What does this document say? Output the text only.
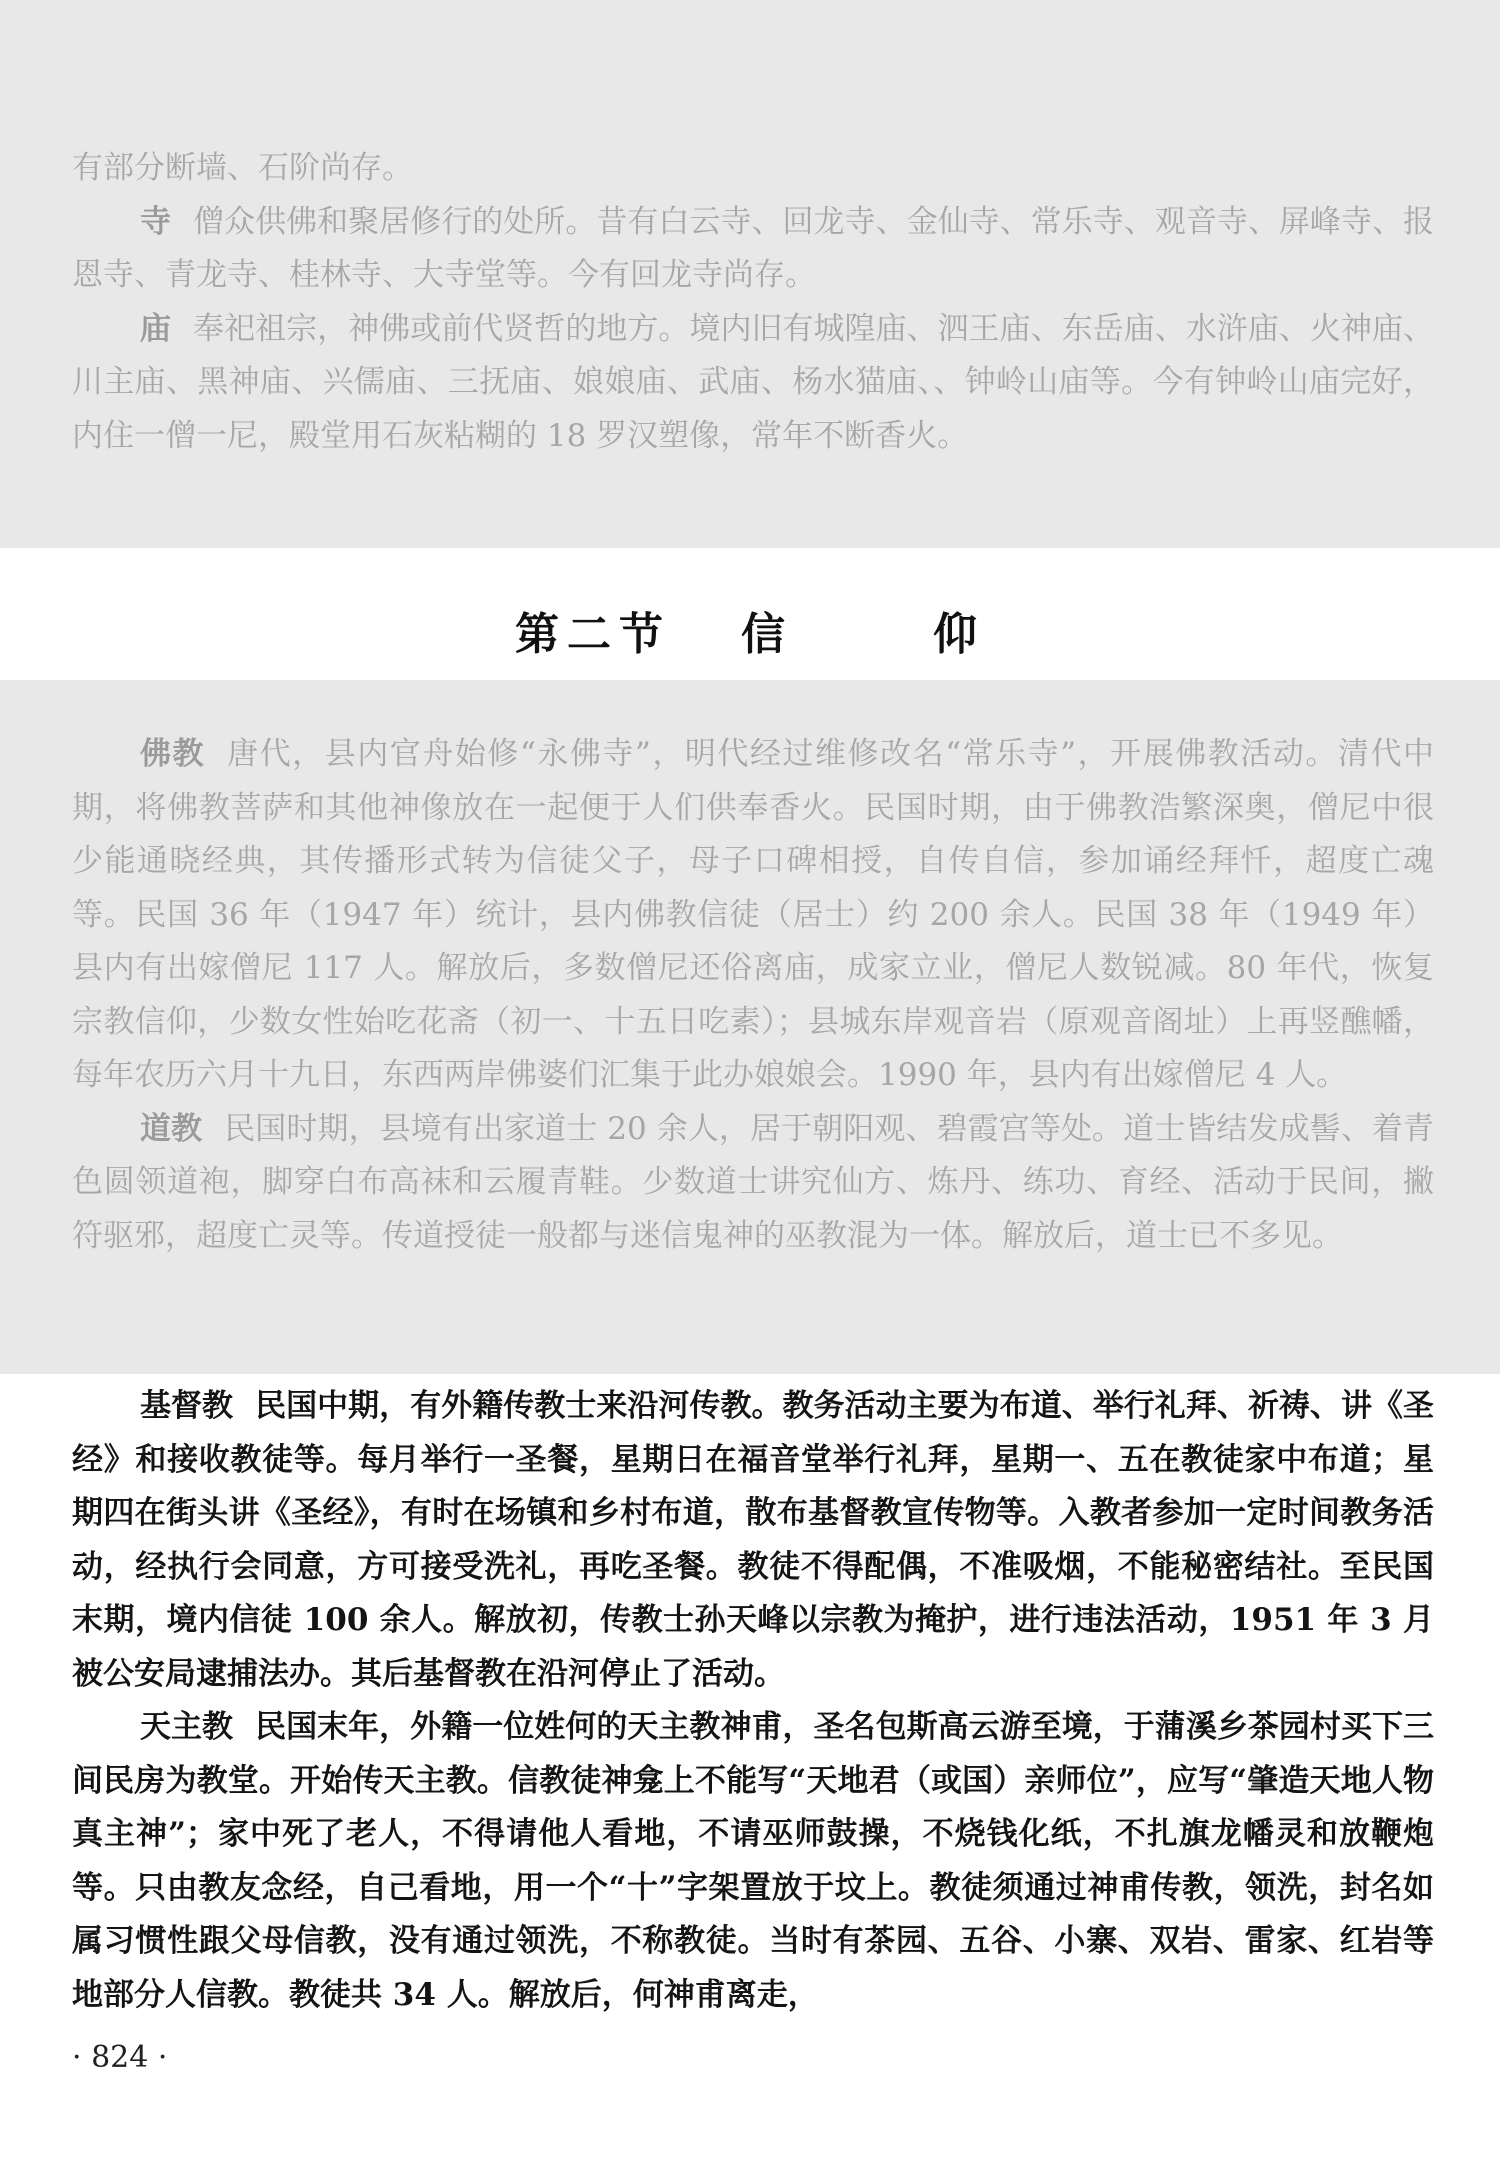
有部分断墙、石阶尚存。

寺 僧众供佛和聚居修行的处所。昔有白云寺、回龙寺、金仙寺、常乐寺、观音寺、屏峰寺、报恩寺、青龙寺、桂林寺、大寺堂等。今有回龙寺尚存。

庙 奉祀祖宗，神佛或前代贤哲的地方。境内旧有城隍庙、泗王庙、东岳庙、水浒庙、火神庙、川主庙、黑神庙、兴儒庙、三抚庙、娘娘庙、武庙、杨水猫庙、、钟岭山庙等。今有钟岭山庙完好，内住一僧一尼，殿堂用石灰粘糊的 18 罗汉塑像，常年不断香火。

第二节 信	仰

佛教 唐代，县内官舟始修“永佛寺”，明代经过维修改名“常乐寺”，开展佛教活动。清代中期，将佛教菩萨和其他神像放在一起便于人们供奉香火。民国时期，由于佛教浩繁深奥，僧尼中很少能通晓经典，其传播形式转为信徒父子，母子口碑相授，自传自信，参加诵经拜忏，超度亡魂等。民国 36 年（1947 年）统计，县内佛教信徒（居士）约 200 余人。民国 38 年（1949 年）县内有出嫁僧尼 117 人。解放后，多数僧尼还俗离庙，成家立业，僧尼人数锐减。80 年代，恢复宗教信仰，少数女性始吃花斋（初一、十五日吃素）；县城东岸观音岩（原观音阁址）上再竖醮幡，每年农历六月十九日，东西两岸佛婆们汇集于此办娘娘会。1990 年，县内有出嫁僧尼 4 人。

道教 民国时期，县境有出家道士 20 余人，居于朝阳观、碧霞宫等处。道士皆结发成髻、着青色圆领道袍，脚穿白布高袜和云履青鞋。少数道士讲究仙方、炼丹、练功、育经、活动于民间，撇符驱邪，超度亡灵等。传道授徒一般都与迷信鬼神的巫教混为一体。解放后，道士已不多见。

基督教 民国中期，有外籍传教士来沿河传教。教务活动主要为布道、举行礼拜、祈祷、讲《圣经》和接收教徒等。每月举行一圣餐，星期日在福音堂举行礼拜，星期一、五在教徒家中布道；星期四在街头讲《圣经》，有时在场镇和乡村布道，散布基督教宣传物等。入教者参加一定时间教务活动，经执行会同意，方可接受洗礼，再吃圣餐。教徒不得配偶，不准吸烟，不能秘密结社。至民国末期，境内信徒 100 余人。解放初，传教士孙天峰以宗教为掩护，进行违法活动，1951 年 3 月被公安局逮捕法办。其后基督教在沿河停止了活动。

天主教 民国末年，外籍一位姓何的天主教神甫，圣名包斯高云游至境，于蒲溪乡茶园村买下三间民房为教堂。开始传天主教。信教徒神龛上不能写“天地君（或国）亲师位”，应写“肇造天地人物真主神”；家中死了老人，不得请他人看地，不请巫师鼓操，不烧钱化纸，不扎旗龙幡灵和放鞭炮等。只由教友念经，自己看地，用一个“十”字架置放于坟上。教徒须通过神甫传教，领洗，封名如属习惯性跟父母信教，没有通过领洗，不称教徒。当时有茶园、五谷、小寨、双岩、雷家、红岩等地部分人信教。教徒共 34 人。解放后，何神甫离走，

· 824 ·
